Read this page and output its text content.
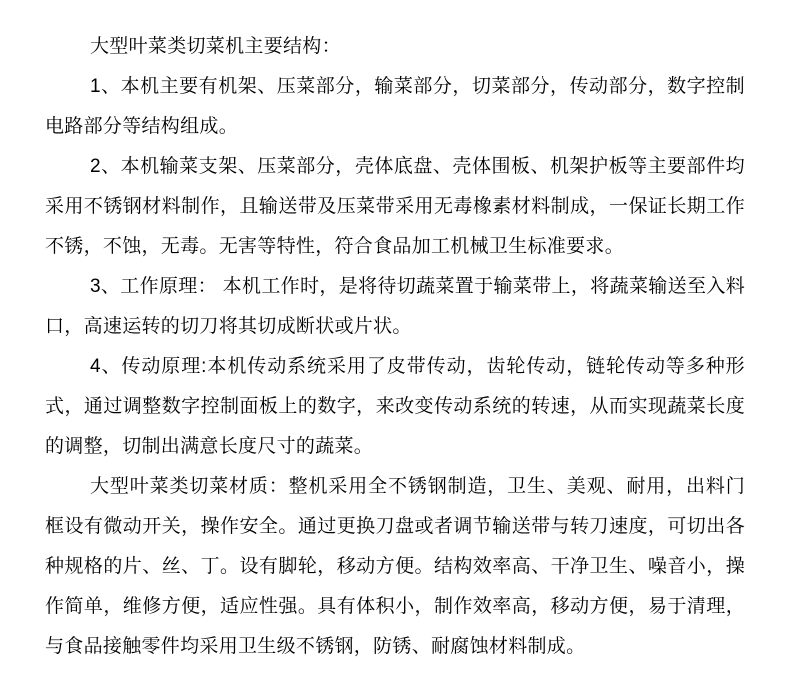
大型叶菜类切菜机主要结构：

1、本机主要有机架、压菜部分，输菜部分，切菜部分，传动部分，数字控制电路部分等结构组成。

2、本机输菜支架、压菜部分，壳体底盘、壳体围板、机架护板等主要部件均采用不锈钢材料制作，且输送带及压菜带采用无毒橡素材料制成，一保证长期工作不锈，不蚀，无毒。无害等特性，符合食品加工机械卫生标准要求。

3、工作原理： 本机工作时，是将待切蔬菜置于输菜带上，将蔬菜输送至入料口，高速运转的切刀将其切成断状或片状。

4、传动原理:本机传动系统采用了皮带传动，齿轮传动，链轮传动等多种形式，通过调整数字控制面板上的数字，来改变传动系统的转速，从而实现蔬菜长度的调整，切制出满意长度尺寸的蔬菜。

大型叶菜类切菜材质：整机采用全不锈钢制造，卫生、美观、耐用，出料门框设有微动开关，操作安全。通过更换刀盘或者调节输送带与转刀速度，可切出各种规格的片、丝、丁。设有脚轮，移动方便。结构效率高、干净卫生、噪音小，操作简单，维修方便，适应性强。具有体积小，制作效率高，移动方便，易于清理，与食品接触零件均采用卫生级不锈钢，防锈、耐腐蚀材料制成。
